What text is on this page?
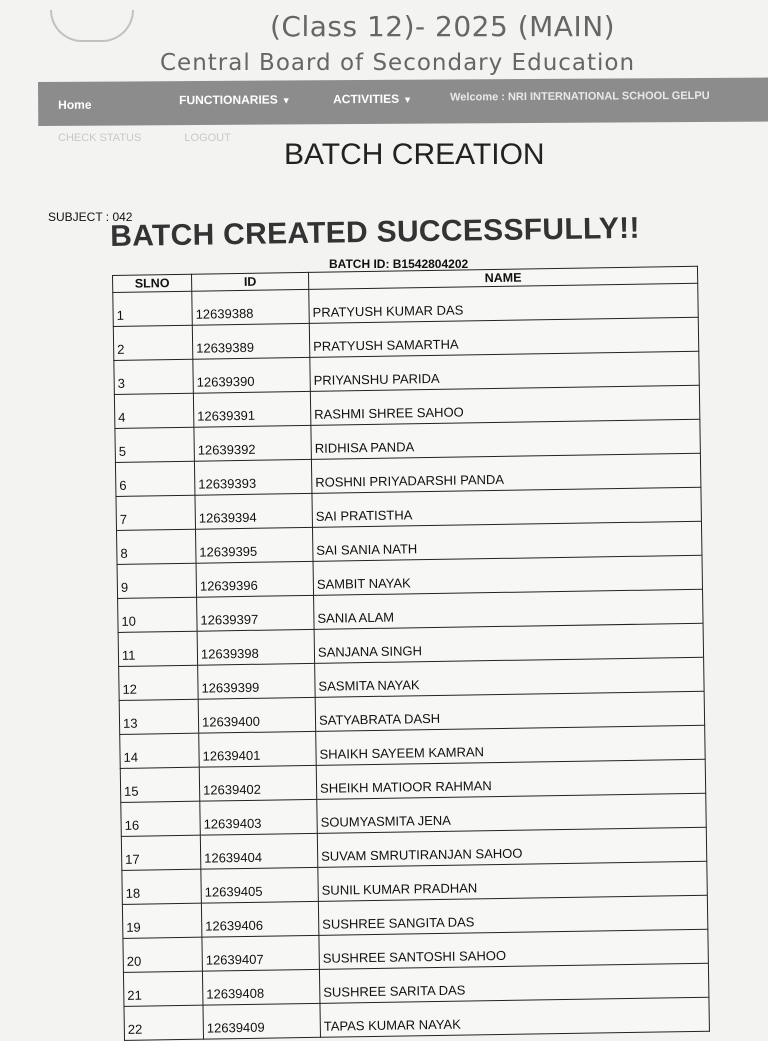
(Class 12)- 2025 (MAIN)
Central Board of Secondary Education
Home	FUNCTIONARIES ▼	ACTIVITIES ▼	Welcome : NRI INTERNATIONAL SCHOOL GELPU
CHECK STATUS	LOGOUT	BATCH CREATION
SUBJECT : 042
BATCH CREATED SUCCESSFULLY!!
BATCH ID: B1542804202
SLNO	ID	NAME
1	12639388	PRATYUSH KUMAR DAS
2	12639389	PRATYUSH SAMARTHA
3	12639390	PRIYANSHU PARIDA
4	12639391	RASHMI SHREE SAHOO
5	12639392	RIDHISA PANDA
6	12639393	ROSHNI PRIYADARSHI PANDA
7	12639394	SAI PRATISTHA
8	12639395	SAI SANIA NATH
9	12639396	SAMBIT NAYAK
10	12639397	SANIA ALAM
11	12639398	SANJANA SINGH
12	12639399	SASMITA NAYAK
13	12639400	SATYABRATA DASH
14	12639401	SHAIKH SAYEEM KAMRAN
15	12639402	SHEIKH MATIOOR RAHMAN
16	12639403	SOUMYASMITA JENA
17	12639404	SUVAM SMRUTIRANJAN SAHOO
18	12639405	SUNIL KUMAR PRADHAN
19	12639406	SUSHREE SANGITA DAS
20	12639407	SUSHREE SANTOSHI SAHOO
21	12639408	SUSHREE SARITA DAS
22	12639409	TAPAS KUMAR NAYAK
